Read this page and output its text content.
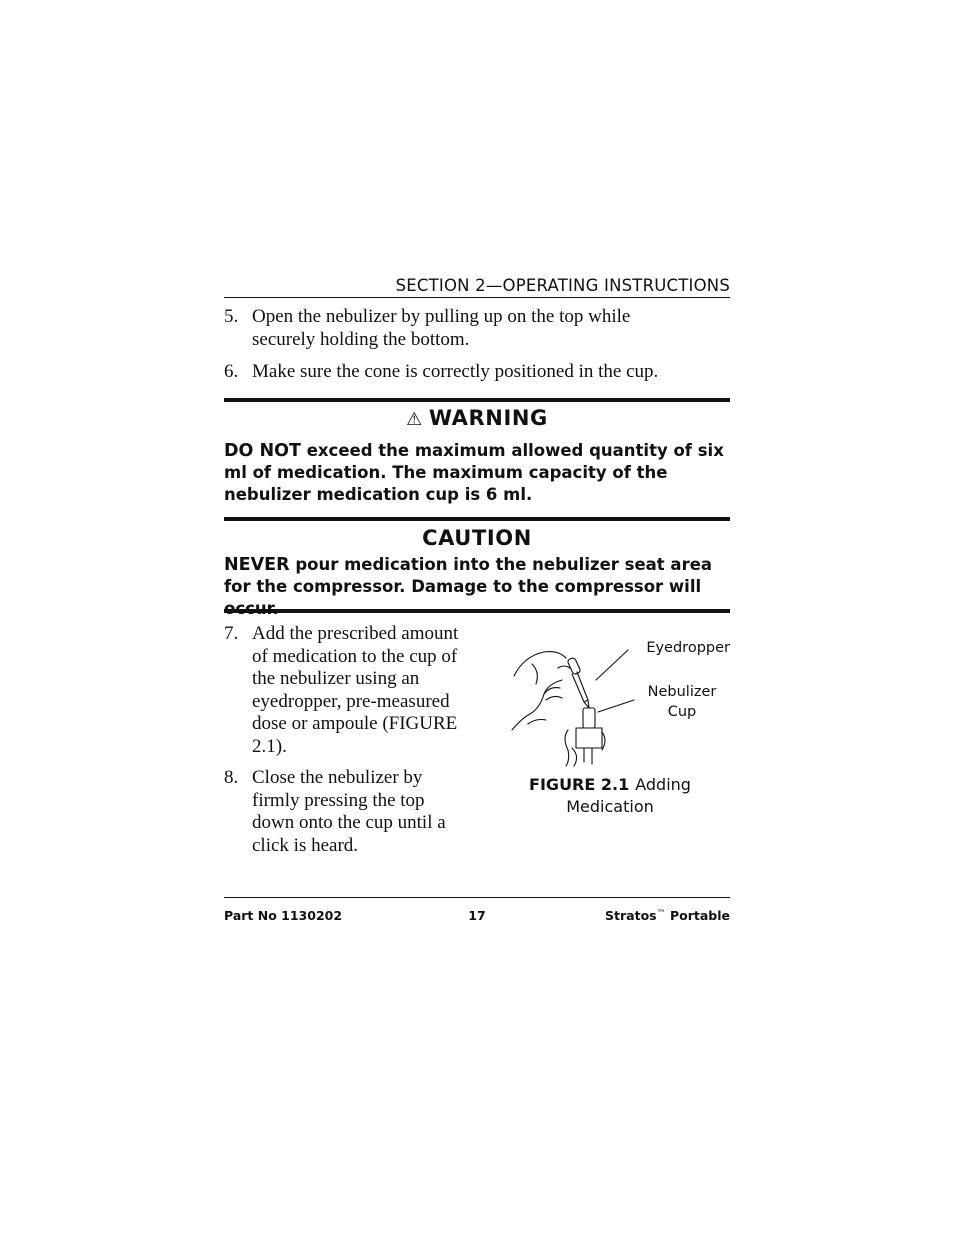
SECTION 2—OPERATING INSTRUCTIONS
5. Open the nebulizer by pulling up on the top while securely holding the bottom.
6. Make sure the cone is correctly positioned in the cup.
⚠ WARNING
DO NOT exceed the maximum allowed quantity of six ml of medication. The maximum capacity of the nebulizer medication cup is 6 ml.
CAUTION
NEVER pour medication into the nebulizer seat area for the compressor. Damage to the compressor will
7. Add the prescribed amount of medication to the cup of the nebulizer using an eyedropper, pre-measured dose or ampoule (FIGURE 2.1).
8. Close the nebulizer by firmly pressing the top down onto the cup until a click is heard.
Eyedropper
Nebulizer
Cup
FIGURE 2.1 Adding
Medication
Part No 1130202	17	Stratos™ Portable
